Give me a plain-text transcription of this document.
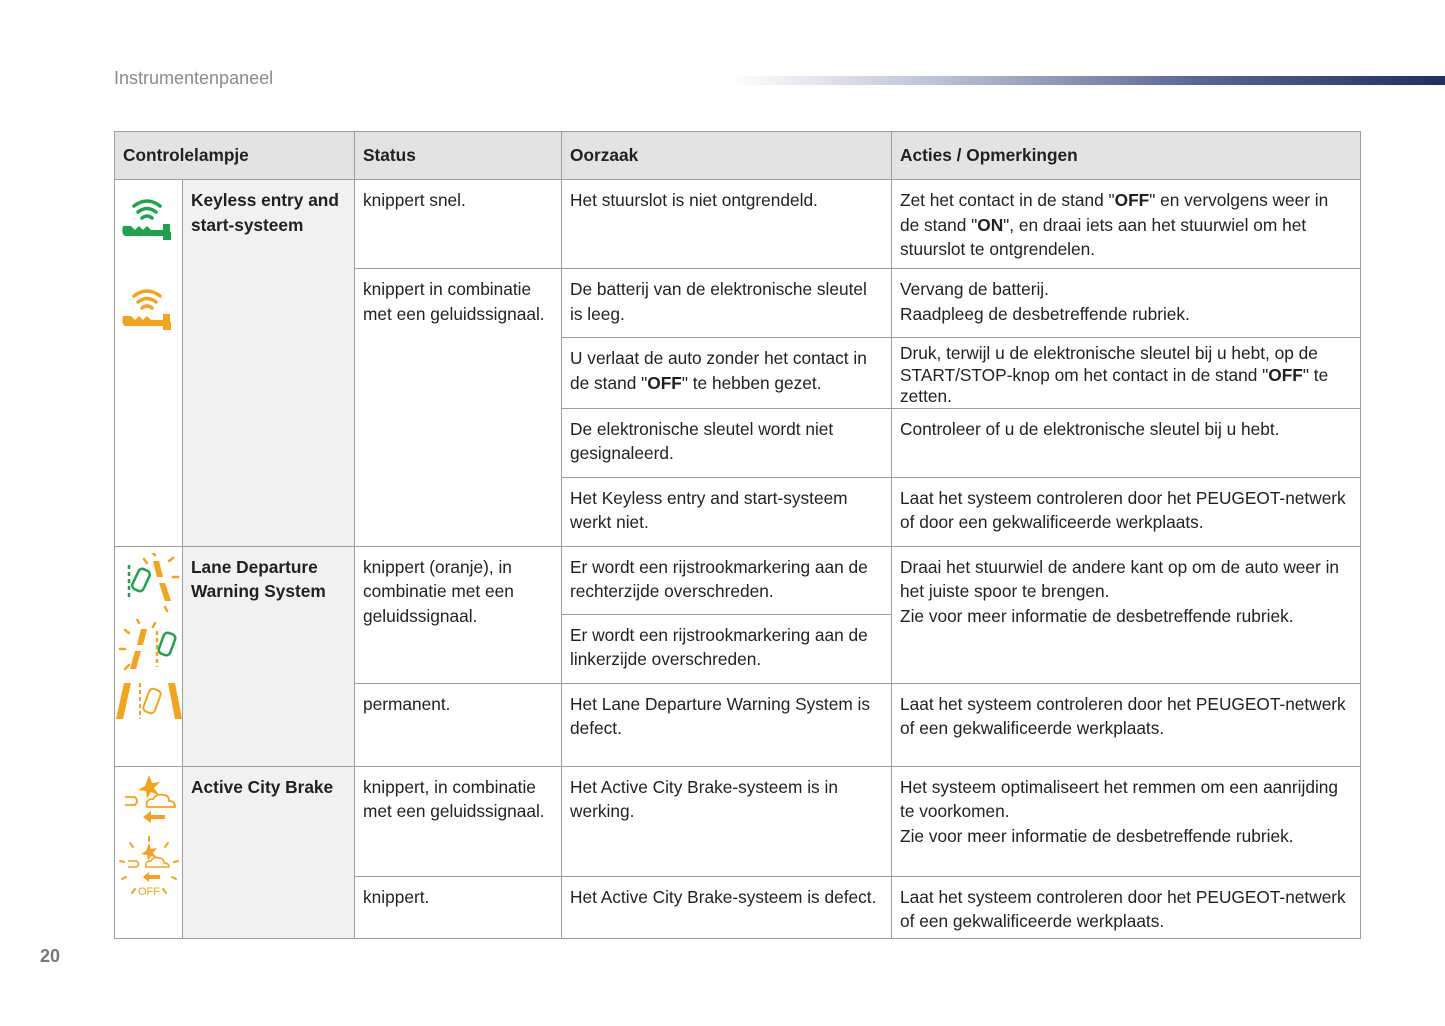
Instrumentenpaneel
Controlelampje		Status	Oorzaak	Acties / Opmerkingen

	Keyless entry and start-systeem	knippert snel.	Het stuurslot is niet ontgrendeld.	Zet het contact in de stand "OFF" en vervolgens weer in de stand "ON", en draai iets aan het stuurwiel om het stuurslot te ontgrendelen.
		knippert in combinatie met een geluidssignaal.	De batterij van de elektronische sleutel is leeg.	Vervang de batterij.
Raadpleeg de desbetreffende rubriek.
			U verlaat de auto zonder het contact in de stand "OFF" te hebben gezet.	Druk, terwijl u de elektronische sleutel bij u hebt, op de START/STOP-knop om het contact in de stand "OFF" te zetten.
			De elektronische sleutel wordt niet gesignaleerd.	Controleer of u de elektronische sleutel bij u hebt.
			Het Keyless entry and start-systeem werkt niet.	Laat het systeem controleren door het PEUGEOT-netwerk of door een gekwalificeerde werkplaats.

	Lane Departure Warning System	knippert (oranje), in combinatie met een geluidssignaal.	Er wordt een rijstrookmarkering aan de rechterzijde overschreden.	Draai het stuurwiel de andere kant op om de auto weer in het juiste spoor te brengen.
Zie voor meer informatie de desbetreffende rubriek.
			Er wordt een rijstrookmarkering aan de linkerzijde overschreden.	
		permanent.	Het Lane Departure Warning System is defect.	Laat het systeem controleren door het PEUGEOT-netwerk of een gekwalificeerde werkplaats.

OFF	Active City Brake	knippert, in combinatie met een geluidssignaal.	Het Active City Brake-systeem is in werking.	Het systeem optimaliseert het remmen om een aanrijding te voorkomen.
Zie voor meer informatie de desbetreffende rubriek.
		knippert.	Het Active City Brake-systeem is defect.	Laat het systeem controleren door het PEUGEOT-netwerk of een gekwalificeerde werkplaats.
20
